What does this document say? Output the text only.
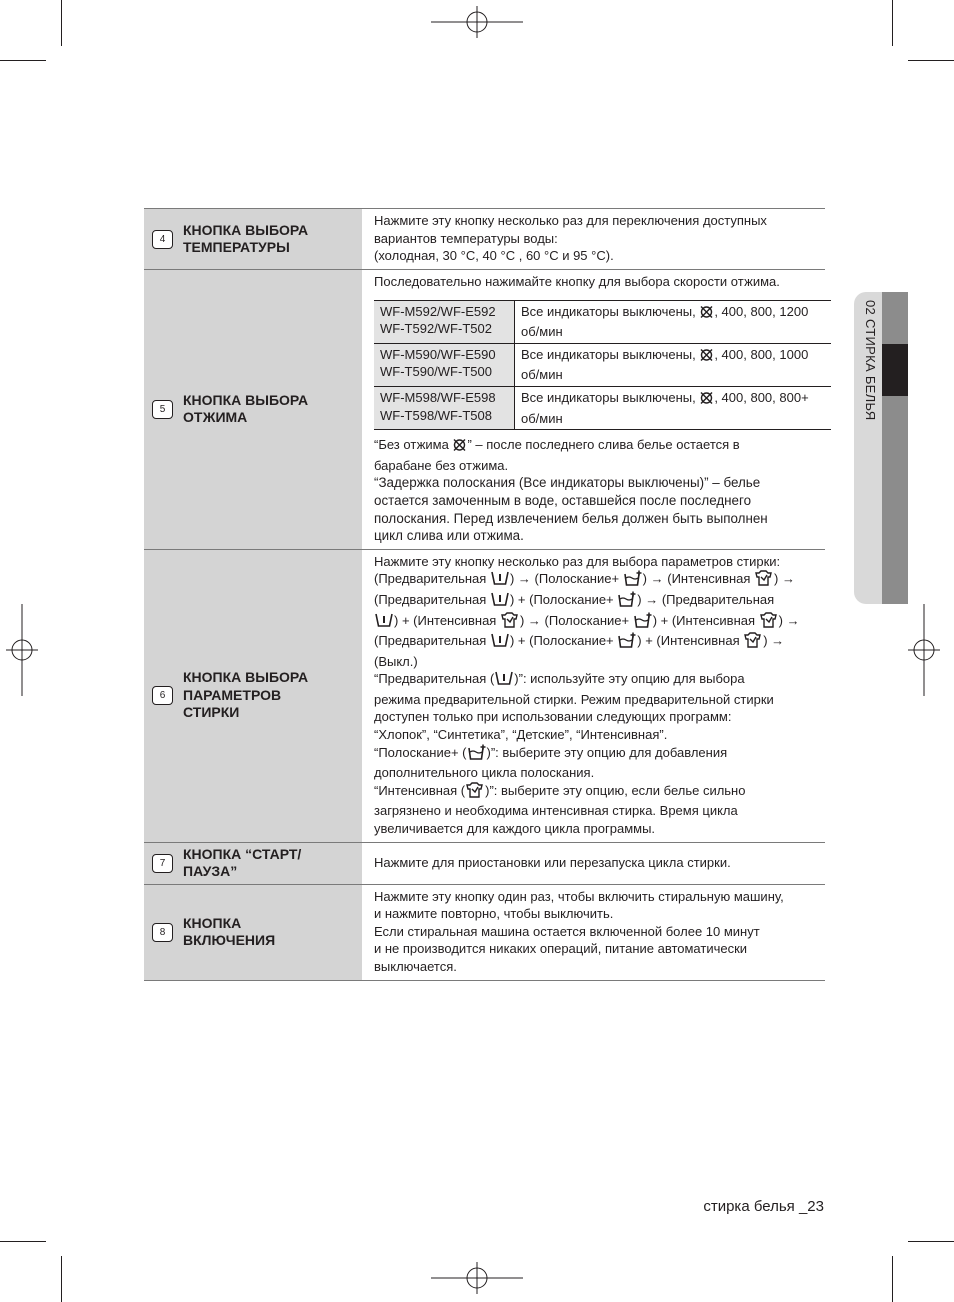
02 СТИРКА БЕЛЬЯ
4
КНОПКА ВЫБОРА
ТЕМПЕРАТУРЫ

Нажмите эту кнопку несколько раз для переключения доступных
вариантов температуры воды:
(холодная, 30 °C, 40 °C , 60 °C и 95 °C).

5
КНОПКА ВЫБОРА
ОТЖИМА

Последовательно нажимайте кнопку для выбора скорости отжима.
WF-M592/WF-E592
WF-T592/WF-T502

Все индикаторы выключены, , 400, 800, 1200
об/мин

WF-M590/WF-E590
WF-T590/WF-T500

Все индикаторы выключены, , 400, 800, 1000
об/мин

WF-M598/WF-E598
WF-T598/WF-T508

Все индикаторы выключены, , 400, 800, 800+
об/мин
“Без отжима ” – после последнего слива белье остается в
барабане без отжима.
“Задержка полоскания (Все индикаторы выключены)” – белье
остается замоченным в воде, оставшейся после последнего
полоскания. Перед извлечением белья должен быть выполнен
цикл слива или отжима.

6
КНОПКА ВЫБОРА
ПАРАМЕТРОВ
СТИРКИ

Нажмите эту кнопку несколько раз для выбора параметров стирки:
(Предварительная ) → (Полоскание+ ) → (Интенсивная ) →
(Предварительная ) + (Полоскание+ ) → (Предварительная
) + (Интенсивная ) → (Полоскание+ ) + (Интенсивная ) →
(Предварительная ) + (Полоскание+ ) + (Интенсивная ) →
(Выкл.)
“Предварительная ( )”: используйте эту опцию для выбора
режима предварительной стирки. Режим предварительной стирки
доступен только при использовании следующих программ:
“Хлопок”, “Синтетика”, “Детские”, “Интенсивная”.
“Полоскание+ ( )”: выберите эту опцию для добавления
дополнительного цикла полоскания.
“Интенсивная ( )”: выберите эту опцию, если белье сильно
загрязнено и необходима интенсивная стирка. Время цикла
увеличивается для каждого цикла программы.

7
КНОПКА “СТАРТ/
ПАУЗА”

Нажмите для приостановки или перезапуска цикла стирки.

8
КНОПКА
ВКЛЮЧЕНИЯ

Нажмите эту кнопку один раз, чтобы включить стиральную машину,
и нажмите повторно, чтобы выключить.
Если стиральная машина остается включенной более 10 минут
и не производится никаких операций, питание автоматически
выключается.
стирка белья _23
